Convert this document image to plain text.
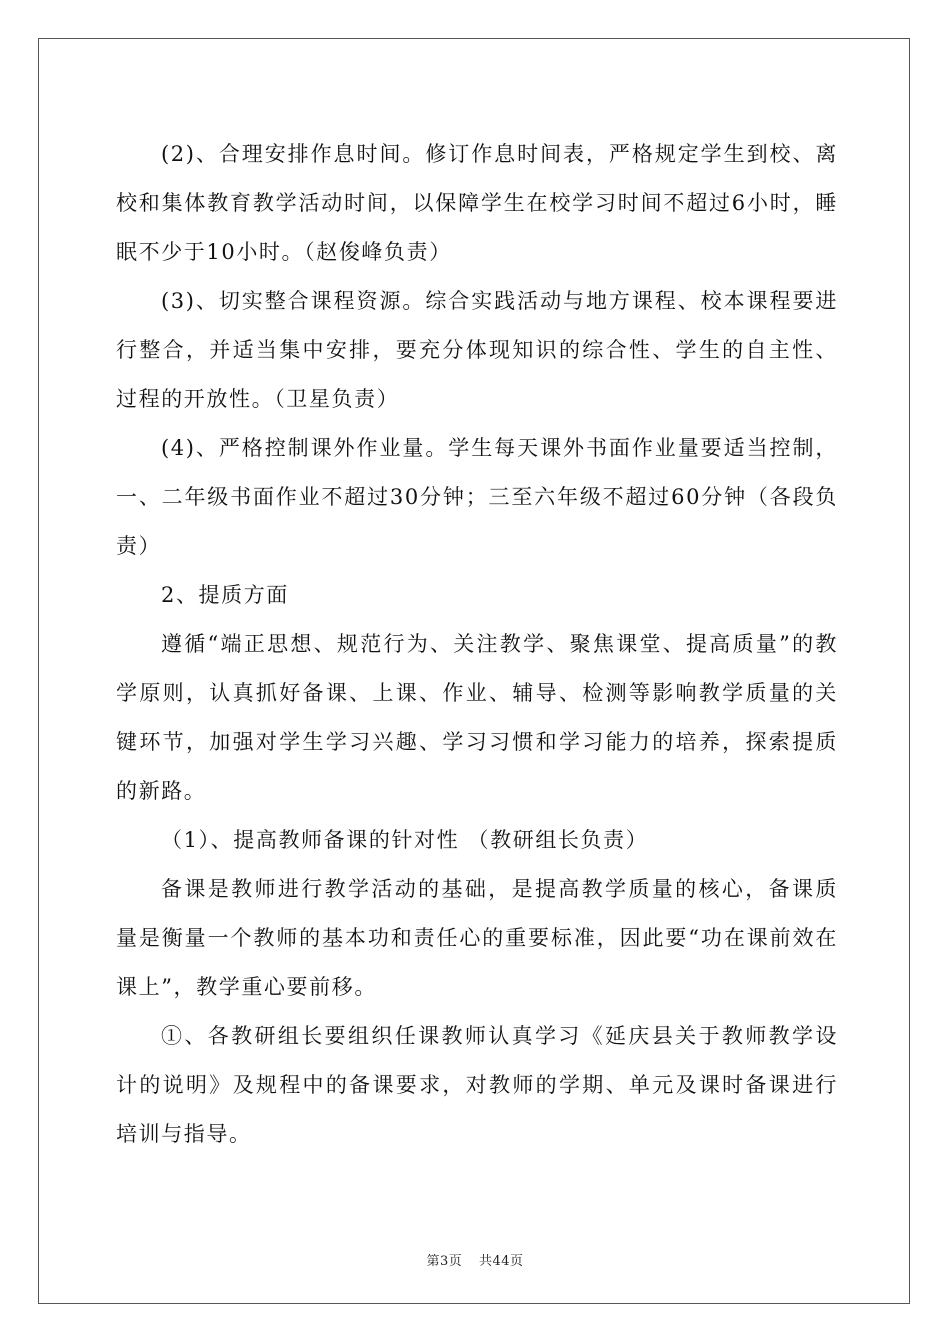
(2)、合理安排作息时间。修订作息时间表，严格规定学生到校、离校和集体教育教学活动时间，以保障学生在校学习时间不超过6小时，睡眠不少于10小时。（赵俊峰负责）

(3)、切实整合课程资源。综合实践活动与地方课程、校本课程要进行整合，并适当集中安排，要充分体现知识的综合性、学生的自主性、过程的开放性。（卫星负责）

(4)、严格控制课外作业量。学生每天课外书面作业量要适当控制，一、二年级书面作业不超过30分钟；三至六年级不超过60分钟（各段负责）

2、提质方面

遵循“端正思想、规范行为、关注教学、聚焦课堂、提高质量”的教学原则，认真抓好备课、上课、作业、辅导、检测等影响教学质量的关键环节，加强对学生学习兴趣、学习习惯和学习能力的培养，探索提质的新路。

（1）、提高教师备课的针对性 （教研组长负责）

备课是教师进行教学活动的基础，是提高教学质量的核心，备课质量是衡量一个教师的基本功和责任心的重要标准，因此要“功在课前效在课上”，教学重心要前移。

①、各教研组长要组织任课教师认真学习《延庆县关于教师教学设计的说明》及规程中的备课要求，对教师的学期、单元及课时备课进行培训与指导。

第3页 共44页
